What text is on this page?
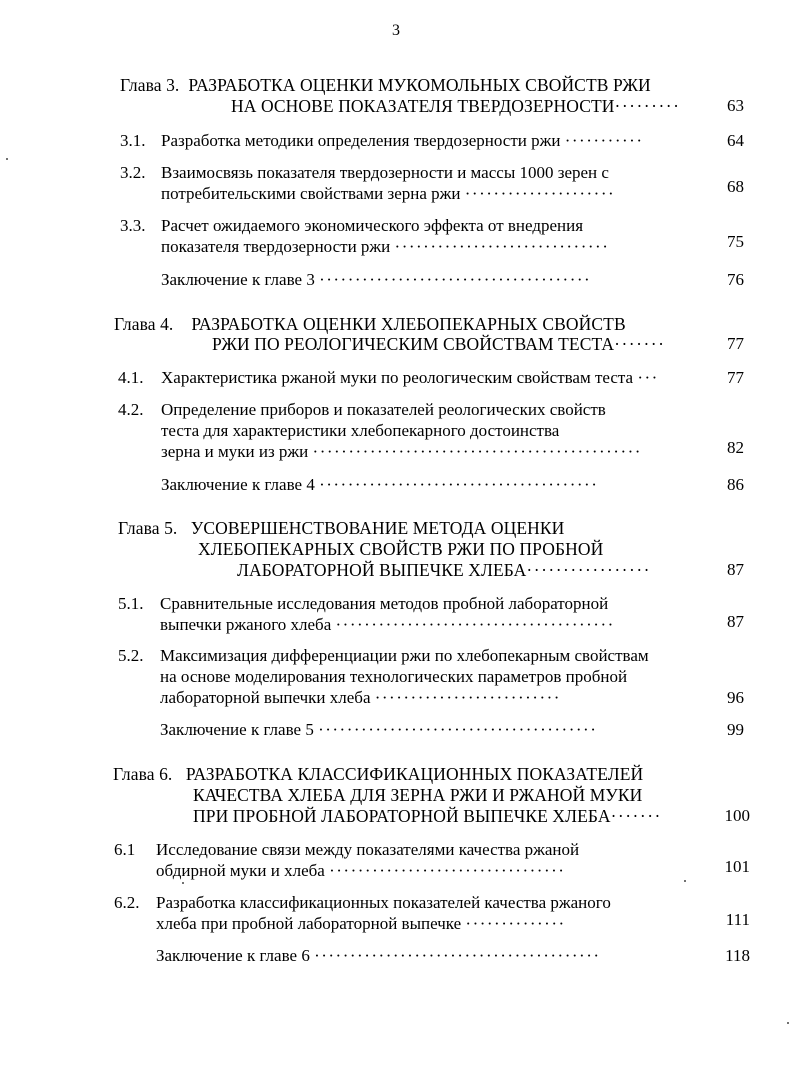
3
Глава 3. РАЗРАБОТКА ОЦЕНКИ МУКОМОЛЬНЫХ СВОЙСТВ РЖИ
НА ОСНОВЕ ПОКАЗАТЕЛЯ ТВЕРДОЗЕРНОСТИ·········	63
3.1. Разработка методики определения твердозерности ржи ···········	64
3.2. Взаимосвязь показателя твердозерности и массы 1000 зерен с
потребительскими свойствами зерна ржи ·····················	68
3.3. Расчет ожидаемого экономического эффекта от внедрения
показателя твердозерности ржи ······························	75
Заключение к главе 3 ······································	76
Глава 4. РАЗРАБОТКА ОЦЕНКИ ХЛЕБОПЕКАРНЫХ СВОЙСТВ
РЖИ ПО РЕОЛОГИЧЕСКИМ СВОЙСТВАМ ТЕСТА·······	77
4.1. Характеристика ржаной муки по реологическим свойствам теста ···	77
4.2. Определение приборов и показателей реологических свойств
теста для характеристики хлебопекарного достоинства
зерна и муки из ржи ··············································	82
Заключение к главе 4 ·······································	86
Глава 5. УСОВЕРШЕНСТВОВАНИЕ МЕТОДА ОЦЕНКИ
ХЛЕБОПЕКАРНЫХ СВОЙСТВ РЖИ ПО ПРОБНОЙ
ЛАБОРАТОРНОЙ ВЫПЕЧКЕ ХЛЕБА·················	87
5.1. Сравнительные исследования методов пробной лабораторной
выпечки ржаного хлеба ·······································	87
5.2. Максимизация дифференциации ржи по хлебопекарным свойствам
на основе моделирования технологических параметров пробной
лабораторной выпечки хлеба ··························	96
Заключение к главе 5 ·······································	99
Глава 6. РАЗРАБОТКА КЛАССИФИКАЦИОННЫХ ПОКАЗАТЕЛЕЙ
КАЧЕСТВА ХЛЕБА ДЛЯ ЗЕРНА РЖИ И РЖАНОЙ МУКИ
ПРИ ПРОБНОЙ ЛАБОРАТОРНОЙ ВЫПЕЧКЕ ХЛЕБА·······	100
6.1 Исследование связи между показателями качества ржаной
обдирной муки и хлеба ·································	101
6.2. Разработка классификационных показателей качества ржаного
хлеба при пробной лабораторной выпечке ··············	111
Заключение к главе 6 ········································	118
